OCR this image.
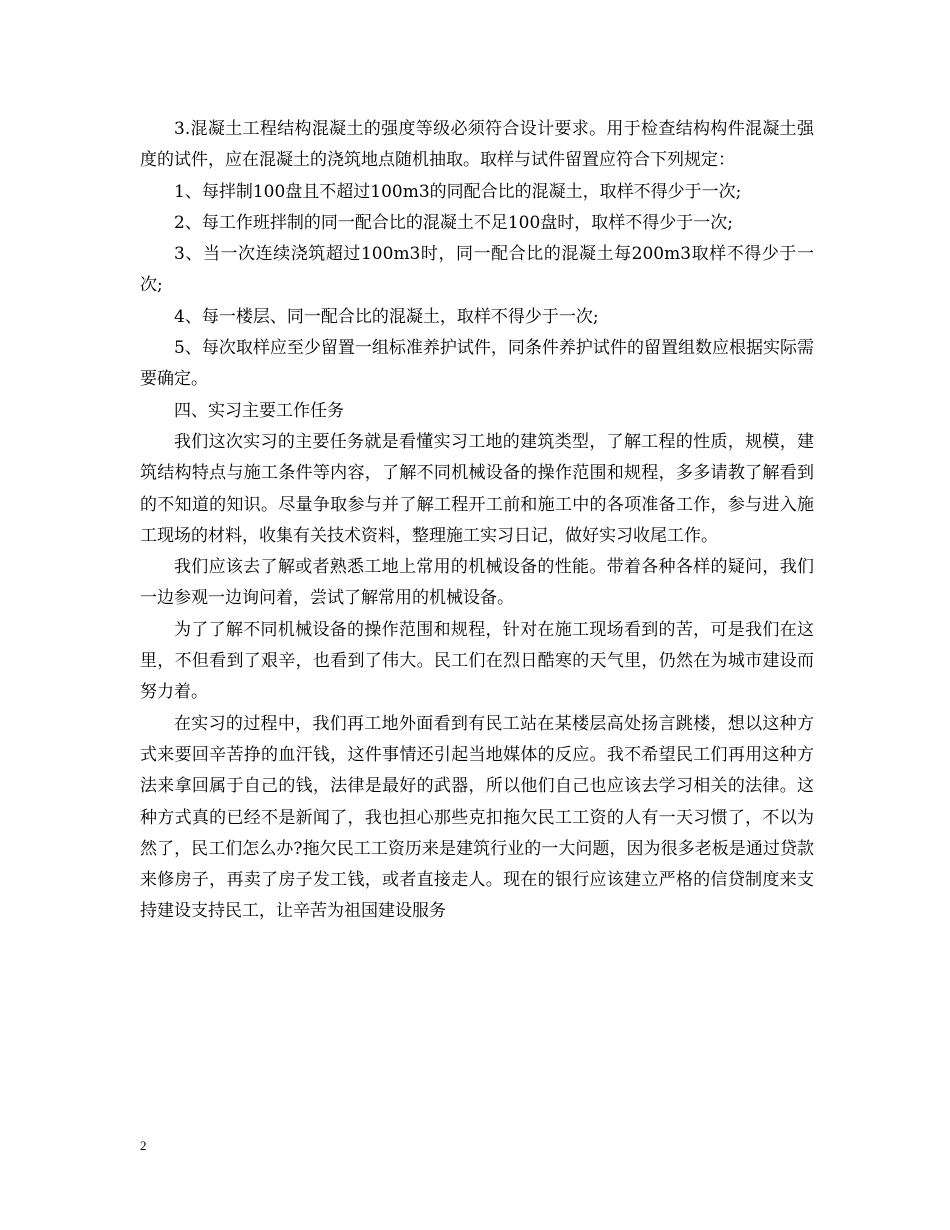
3.混凝土工程结构混凝土的强度等级必须符合设计要求。用于检查结构构件混凝土强度的试件，应在混凝土的浇筑地点随机抽取。取样与试件留置应符合下列规定：

1、每拌制100盘且不超过100m3的同配合比的混凝土，取样不得少于一次;

2、每工作班拌制的同一配合比的混凝土不足100盘时，取样不得少于一次;

3、当一次连续浇筑超过100m3时，同一配合比的混凝土每200m3取样不得少于一次;

4、每一楼层、同一配合比的混凝土，取样不得少于一次;

5、每次取样应至少留置一组标准养护试件，同条件养护试件的留置组数应根据实际需要确定。

四、实习主要工作任务

我们这次实习的主要任务就是看懂实习工地的建筑类型，了解工程的性质，规模，建筑结构特点与施工条件等内容，了解不同机械设备的操作范围和规程，多多请教了解看到的不知道的知识。尽量争取参与并了解工程开工前和施工中的各项准备工作，参与进入施工现场的材料，收集有关技术资料，整理施工实习日记，做好实习收尾工作。

我们应该去了解或者熟悉工地上常用的机械设备的性能。带着各种各样的疑问，我们一边参观一边询问着，尝试了解常用的机械设备。

为了了解不同机械设备的操作范围和规程，针对在施工现场看到的苦，可是我们在这里，不但看到了艰辛，也看到了伟大。民工们在烈日酷寒的天气里，仍然在为城市建设而努力着。

在实习的过程中，我们再工地外面看到有民工站在某楼层高处扬言跳楼，想以这种方式来要回辛苦挣的血汗钱，这件事情还引起当地媒体的反应。我不希望民工们再用这种方法来拿回属于自己的钱，法律是最好的武器，所以他们自己也应该去学习相关的法律。这种方式真的已经不是新闻了，我也担心那些克扣拖欠民工工资的人有一天习惯了，不以为然了，民工们怎么办?拖欠民工工资历来是建筑行业的一大问题，因为很多老板是通过贷款来修房子，再卖了房子发工钱，或者直接走人。现在的银行应该建立严格的信贷制度来支持建设支持民工，让辛苦为祖国建设服务

2
